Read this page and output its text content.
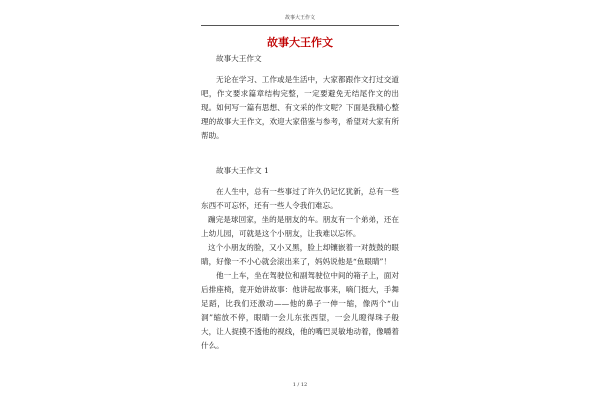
故事大王作文
故事大王作文

故事大王作文

无论在学习、工作或是生活中，大家都跟作文打过交道吧，作文要求篇章结构完整，一定要避免无结尾作文的出现。如何写一篇有思想、有文采的作文呢？下面是我精心整理的故事大王作文，欢迎大家借鉴与参考，希望对大家有所帮助。

故事大王作文 1

在人生中，总有一些事过了许久仍记忆犹新，总有一些东西不可忘怀，还有一些人令我们难忘。

蹦完是球回家，坐的是朋友的车。朋友有一个弟弟，还在上幼儿园，可就是这个小朋友，让我难以忘怀。

这个小朋友的脸，又小又黑，脸上却镶嵌着一对鼓鼓的眼睛，好像一不小心就会滚出来了，妈妈说他是“鱼眼睛”！

他一上车，坐在驾驶位和副驾驶位中间的箱子上，面对后排座椅，竟开始讲故事：他讲起故事来，嘀门挺大，手舞足蹈，比我们还激动——他的鼻子一伸一缩，像两个“山洞”缩放不停，眼睛一会儿东张西望，一会儿瞪得珠子般大，让人捉摸不透他的视线，他的嘴巴灵敏地动着，像嚼着什么。

1 / 12
